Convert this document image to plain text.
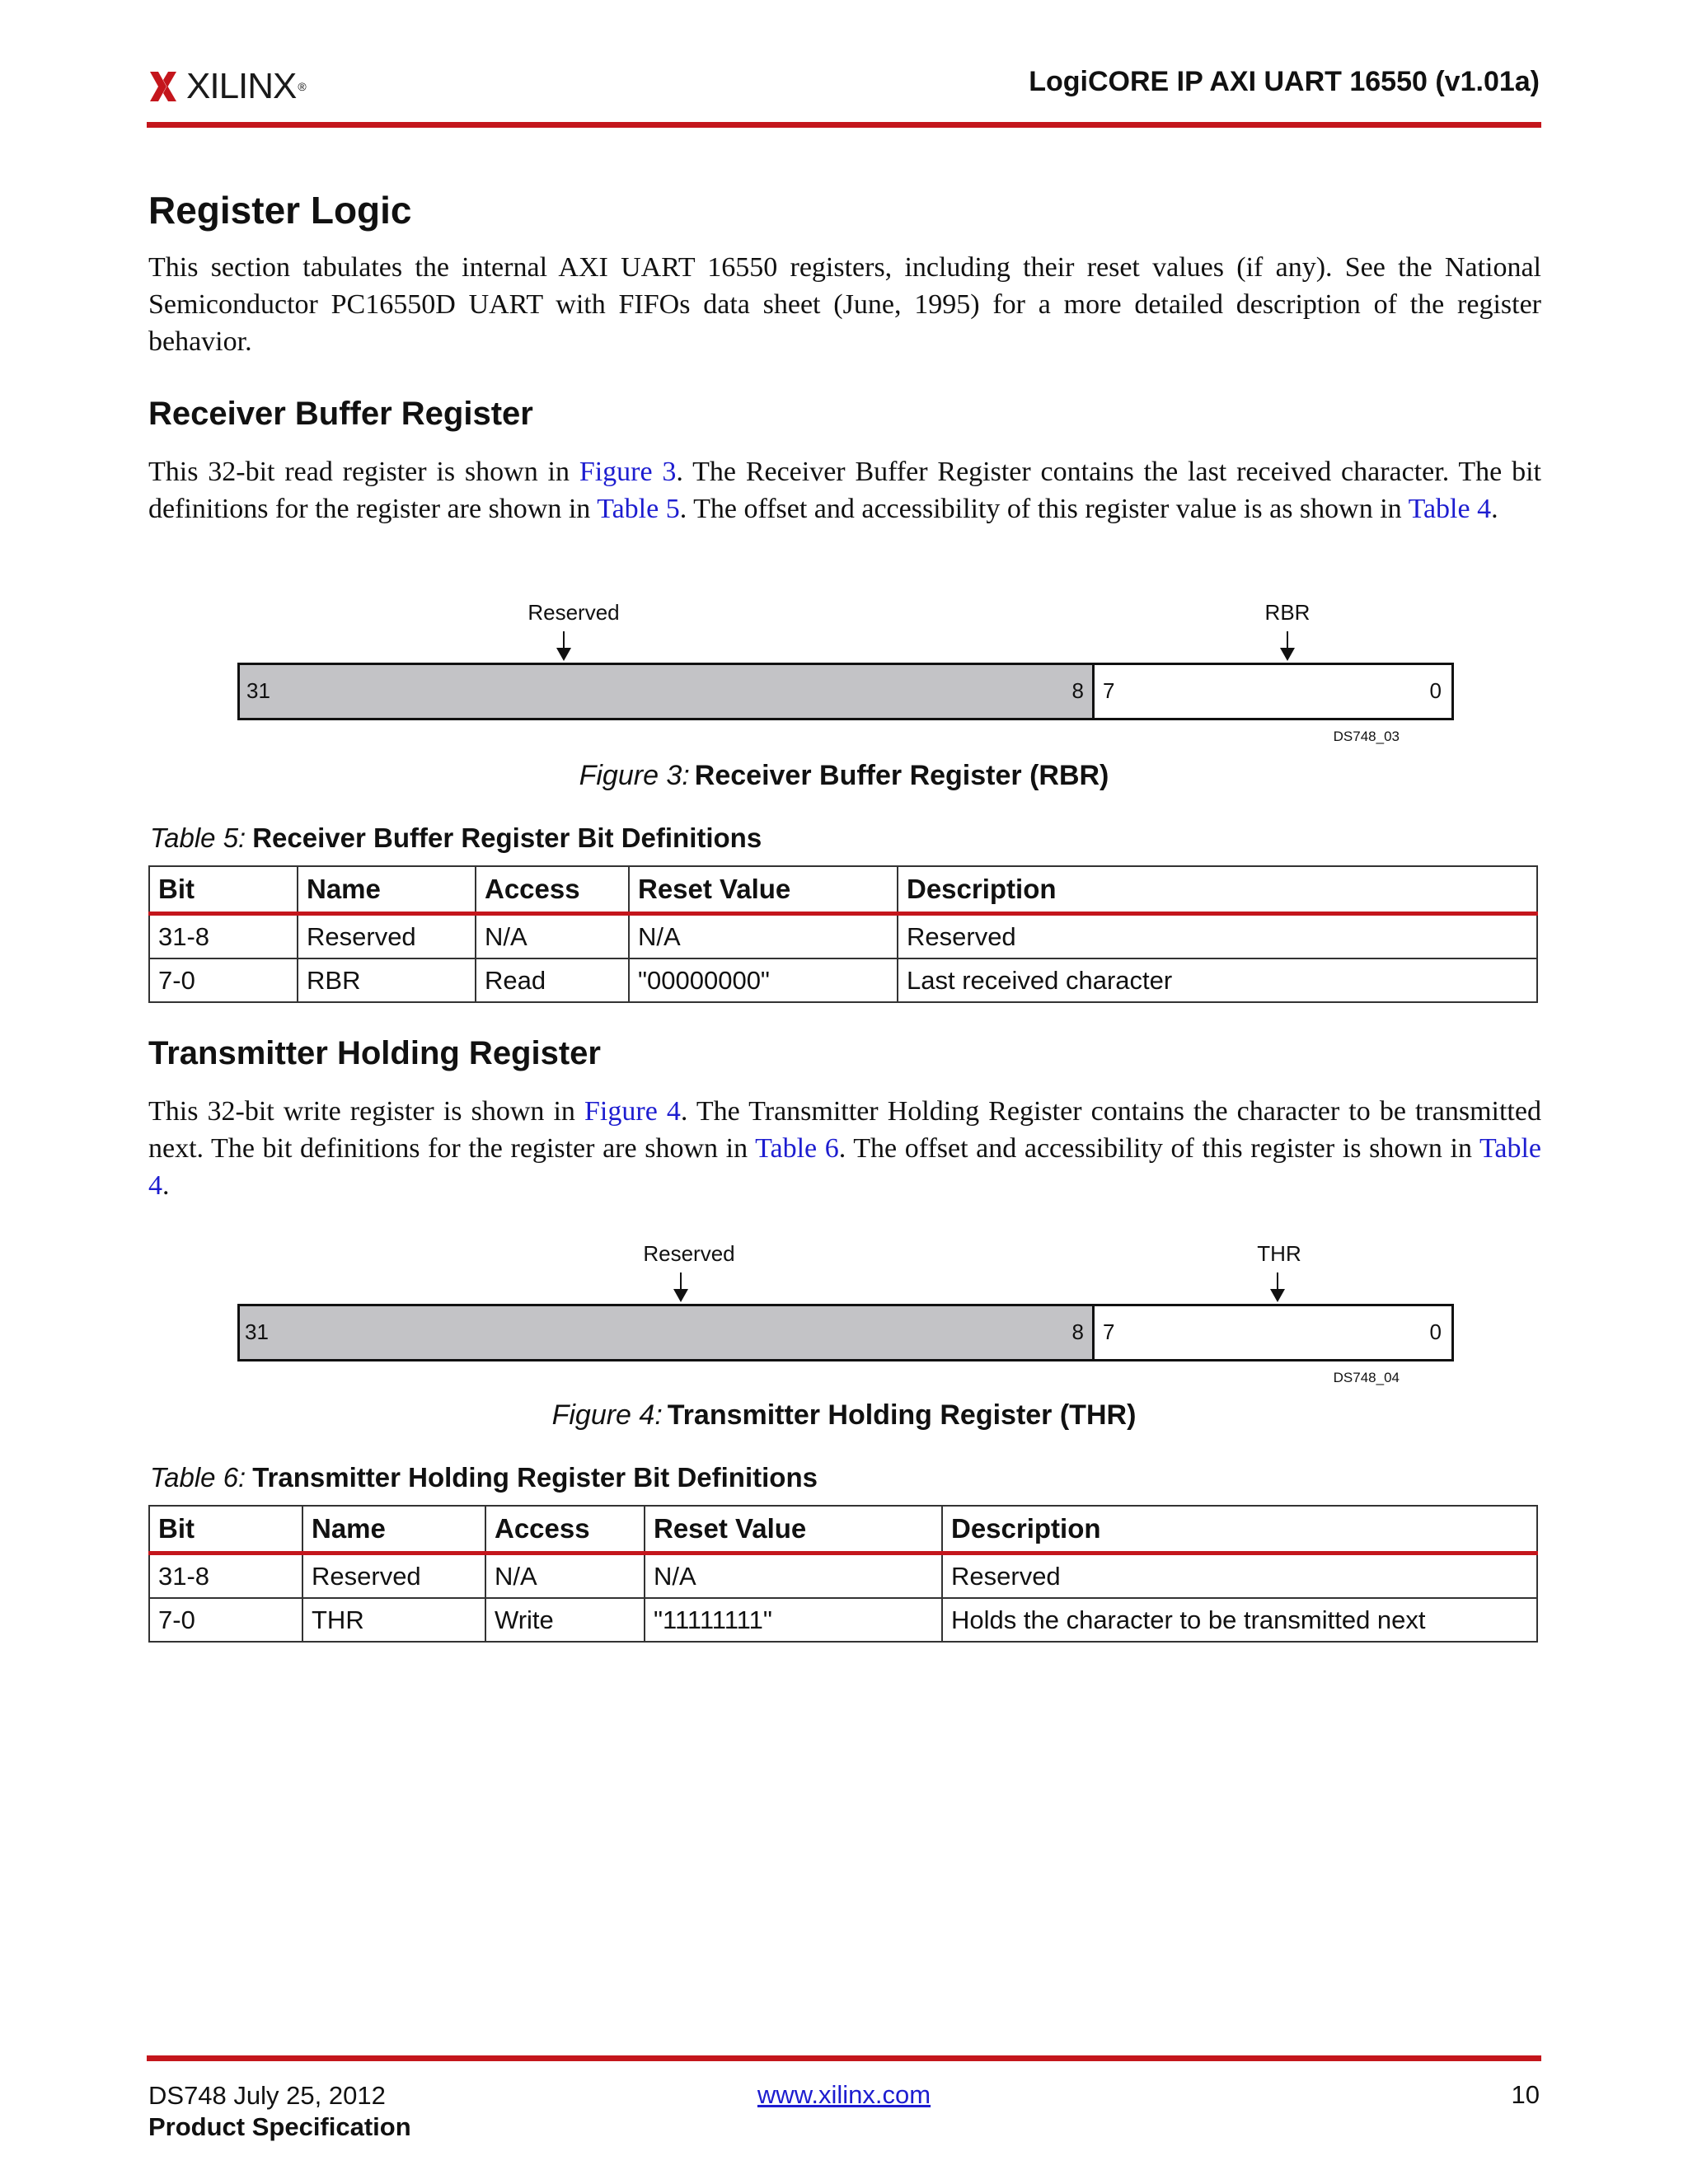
XILINX ®	LogiCORE IP AXI UART 16550 (v1.01a)
Register Logic

This section tabulates the internal AXI UART 16550 registers, including their reset values (if any). See the National Semiconductor PC16550D UART with FIFOs data sheet (June, 1995) for a more detailed description of the register behavior.

Receiver Buffer Register

This 32-bit read register is shown in Figure 3. The Receiver Buffer Register contains the last received character. The bit definitions for the register are shown in Table 5. The offset and accessibility of this register value is as shown in Table 4.

Reserved	RBR
31	8 7	0
DS748_03
Figure 3: Receiver Buffer Register (RBR)
Table 5: Receiver Buffer Register Bit Definitions
Bit	Name	Access	Reset Value	Description
31-8	Reserved	N/A	N/A	Reserved
7-0	RBR	Read	"00000000"	Last received character
Transmitter Holding Register

This 32-bit write register is shown in Figure 4. The Transmitter Holding Register contains the character to be transmitted next. The bit definitions for the register are shown in Table 6. The offset and accessibility of this register is shown in Table 4.

Reserved	THR
31	8 7	0
DS748_04
Figure 4: Transmitter Holding Register (THR)
Table 6: Transmitter Holding Register Bit Definitions
Bit	Name	Access	Reset Value	Description
31-8	Reserved	N/A	N/A	Reserved
7-0	THR	Write	"11111111"	Holds the character to be transmitted next
DS748 July 25, 2012
Product Specification
www.xilinx.com	10
